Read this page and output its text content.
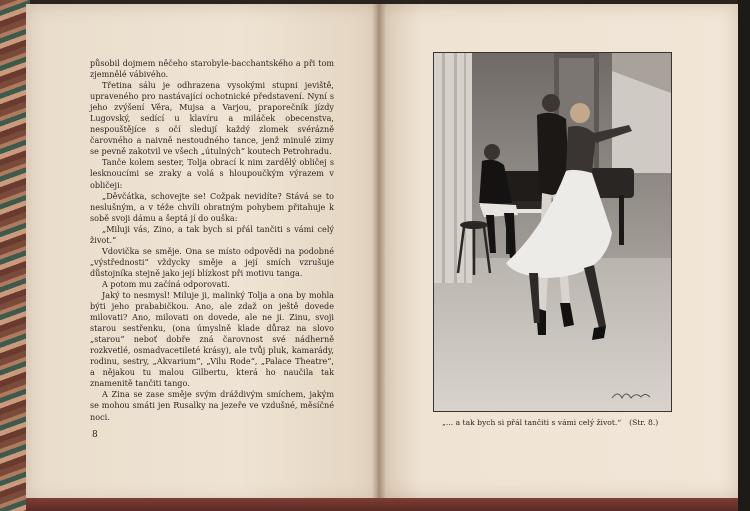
působil dojmem něčeho starobyle-bacchantského a při tom zjemnělé vábivého.

Třetina sálu je odhrazena vysokými stupni jeviště, upraveného pro nastávající ochotnické představení. Nyní s jeho zvýšení Věra, Mujsa a Varjou, praporečník jízdy Lugovský, sedící u klavíru a miláček obecenstva, nespouštějíce s očí sledují každý zlomek svérázně čarovného a naivně nestoudného tance, jenž minulé zimy se pevně zakotvil ve všech „útulných“ koutech Petrohradu.

Tanče kolem sester, Tolja obrací k nim zardělý obličej s lesknoucími se zraky a volá s hloupoučkým výrazem v obličeji:

„Děvčátka, schovejte se! Cožpak nevidíte? Stává se to neslušným, a v téže chvíli obratným pohybem přitahuje k sobě svoji dámu a šeptá jí do ouška:

„Miluji vás, Zino, a tak bych si přál tančiti s vámi celý život.“

Vdovička se směje. Ona se místo odpovědi na podobné „výstřednosti“ vždycky směje a její smích vzrušuje důstojníka stejně jako její blízkost při motivu tanga.

A potom mu začíná odporovati.

Jaký to nesmysl! Miluje ji, malinký Tolja a ona by mohla býti jeho prababičkou. Ano, ale zdaž on ještě dovede milovati? Ano, milovati on dovede, ale ne ji. Zinu, svoji starou sestřenku, (ona úmyslně klade důraz na slovo „starou“ neboť dobře zná čarovnost své nádherně rozkvetlé, osmadvacetileté krásy), ale tvůj pluk, kamarády, rodinu, sestry, „Akvarium“, „Vilu Rode“, „Palace Theatre“, a nějakou tu malou Gilbertu, která ho naučila tak znamenitě tančiti tango.

A Zina se zase směje svým dráždivým smíchem, jakým se mohou smáti jen Rusalky na jezeře ve vzdušné, měsíčné noci.

8
„... a tak bych si přál tančiti s vámi celý život.“ (Str. 8.)
